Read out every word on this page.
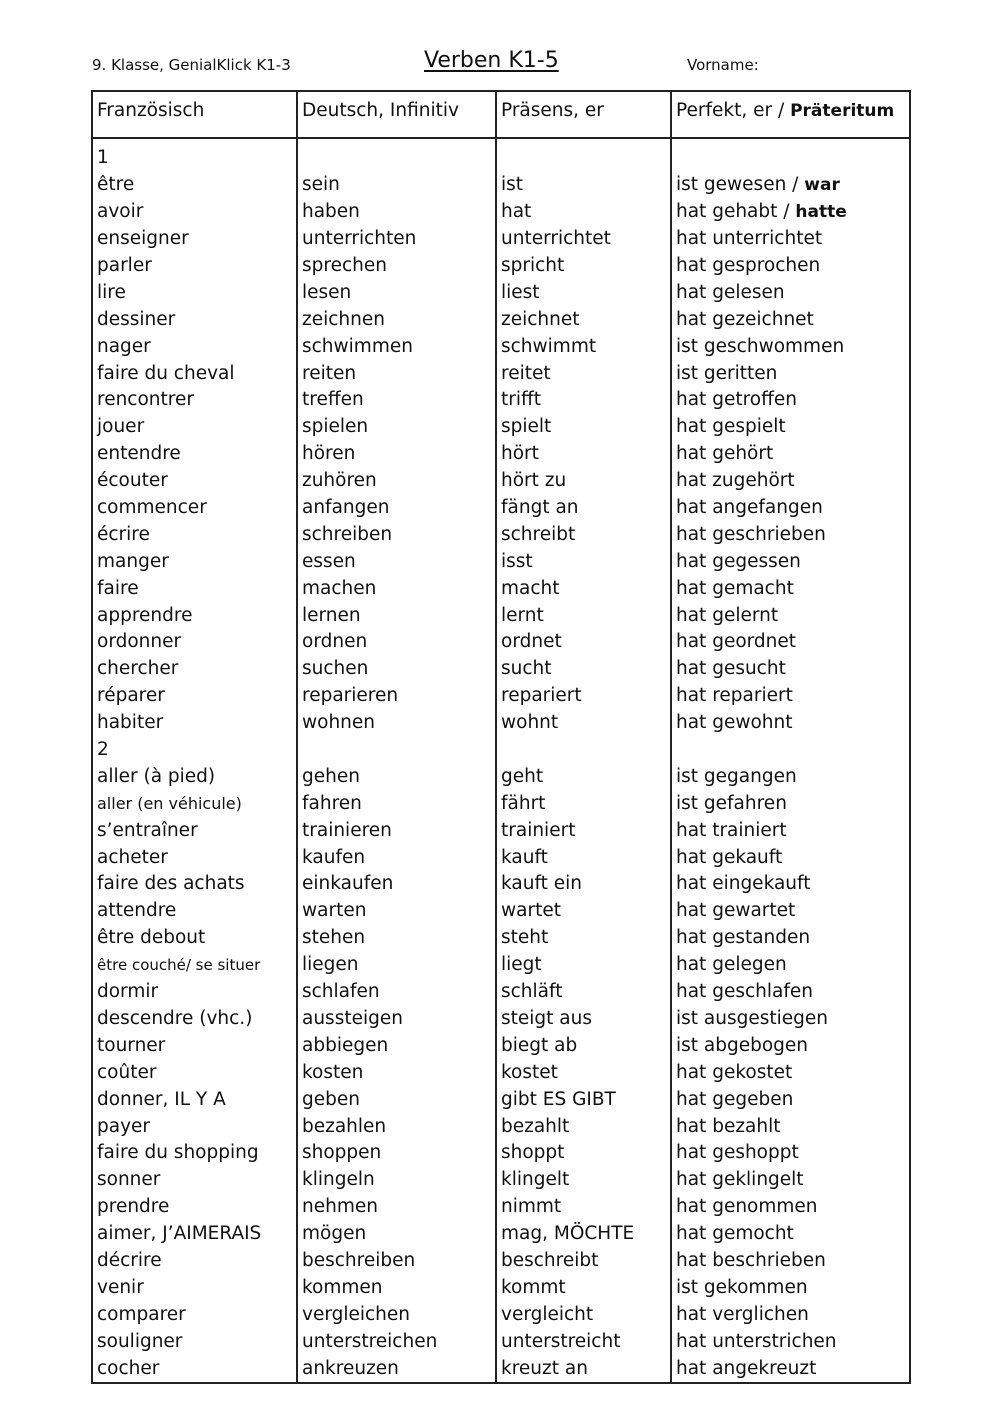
9. Klasse, GenialKlick K1-3	Verben K1-5	Vorname:
Französisch	Deutsch, Infinitiv	Präsens, er	Perfekt, er / Präteritum

1			
être	sein	ist	ist gewesen / war
avoir	haben	hat	hat gehabt / hatte
enseigner	unterrichten	unterrichtet	hat unterrichtet
parler	sprechen	spricht	hat gesprochen
lire	lesen	liest	hat gelesen
dessiner	zeichnen	zeichnet	hat gezeichnet
nager	schwimmen	schwimmt	ist geschwommen
faire du cheval	reiten	reitet	ist geritten
rencontrer	treffen	trifft	hat getroffen
jouer	spielen	spielt	hat gespielt
entendre	hören	hört	hat gehört
écouter	zuhören	hört zu	hat zugehört
commencer	anfangen	fängt an	hat angefangen
écrire	schreiben	schreibt	hat geschrieben
manger	essen	isst	hat gegessen
faire	machen	macht	hat gemacht
apprendre	lernen	lernt	hat gelernt
ordonner	ordnen	ordnet	hat geordnet
chercher	suchen	sucht	hat gesucht
réparer	reparieren	repariert	hat repariert
habiter	wohnen	wohnt	hat gewohnt
2			
aller (à pied)	gehen	geht	ist gegangen
aller (en véhicule)	fahren	fährt	ist gefahren
s’entraîner	trainieren	trainiert	hat trainiert
acheter	kaufen	kauft	hat gekauft
faire des achats	einkaufen	kauft ein	hat eingekauft
attendre	warten	wartet	hat gewartet
être debout	stehen	steht	hat gestanden
être couché/ se situer	liegen	liegt	hat gelegen
dormir	schlafen	schläft	hat geschlafen
descendre (vhc.)	aussteigen	steigt aus	ist ausgestiegen
tourner	abbiegen	biegt ab	ist abgebogen
coûter	kosten	kostet	hat gekostet
donner, IL Y A	geben	gibt ES GIBT	hat gegeben
payer	bezahlen	bezahlt	hat bezahlt
faire du shopping	shoppen	shoppt	hat geshoppt
sonner	klingeln	klingelt	hat geklingelt
prendre	nehmen	nimmt	hat genommen
aimer, J’AIMERAIS	mögen	mag, MÖCHTE	hat gemocht
décrire	beschreiben	beschreibt	hat beschrieben
venir	kommen	kommt	ist gekommen
comparer	vergleichen	vergleicht	hat verglichen
souligner	unterstreichen	unterstreicht	hat unterstrichen
cocher	ankreuzen	kreuzt an	hat angekreuzt
